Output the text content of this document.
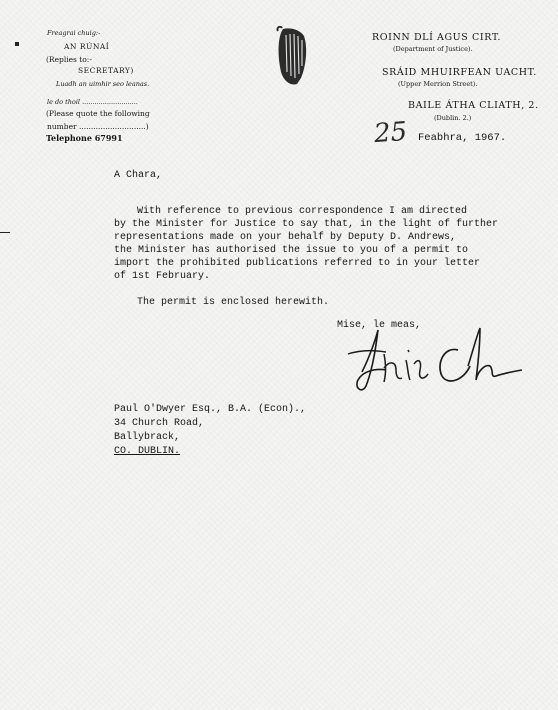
Freagrai chuig:-
AN RÚNAÍ
(Replies to:-
SECRETARY)
Luadh an uimhir seo leanas.
le do thoil ...........................
(Please quote the following
number ............................)
Telephone 67991
ROINN DLÍ AGUS CIRT.
(Department of Justice).
SRÁID MHUIRFEAN UACHT.
(Upper Merrion Street).
BAILE ÁTHA CLIATH, 2.
(Dublin. 2.)
25 Feabhra, 1967.
A Chara,
With reference to previous correspondence I am directed
by the Minister for Justice to say that, in the light of further
representations made on your behalf by Deputy D. Andrews,
the Minister has authorised the issue to you of a permit to
import the prohibited publications referred to in your letter
of 1st February.
The permit is enclosed herewith.
Mise, le meas,
Paul O'Dwyer Esq., B.A. (Econ).,
34 Church Road,
Ballybrack,
CO. DUBLIN.
